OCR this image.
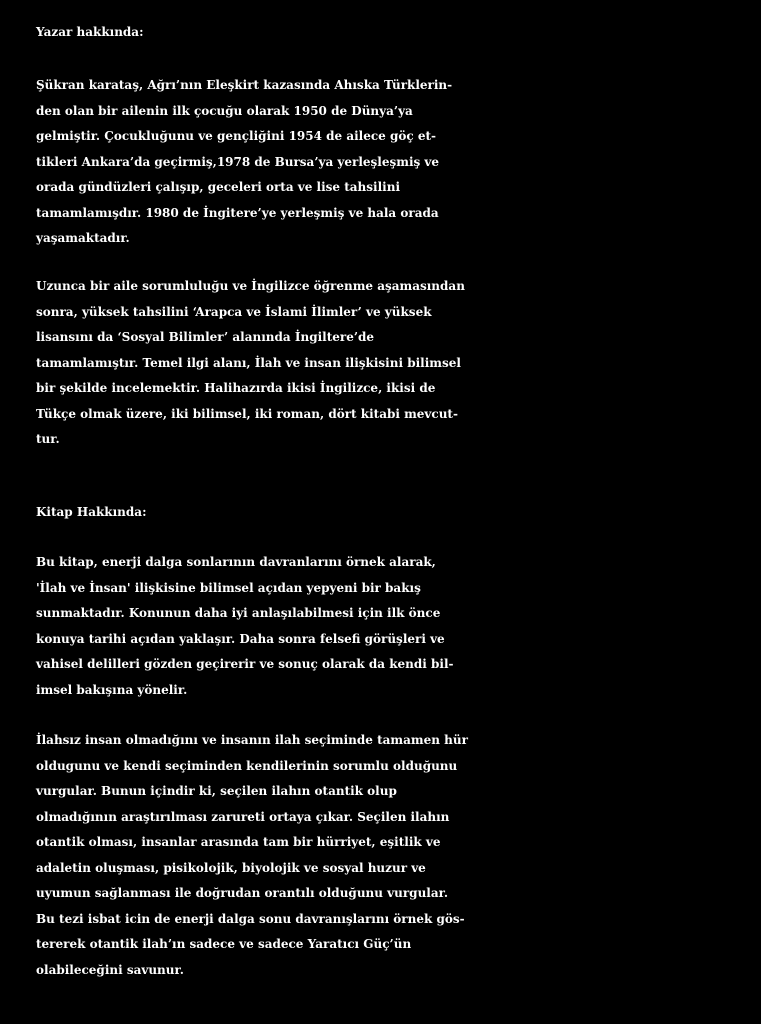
Yazar hakkında:
Şükran karataş, Ağrı’nın Eleşkirt kazasında Ahıska Türklerin-
den olan bir ailenin ilk çocuğu olarak 1950 de Dünya’ya
gelmiştir. Çocukluğunu ve gençliğini 1954 de ailece göç et-
tikleri Ankara’da geçirmiş,1978 de Bursa’ya yerleşleşmiş ve
orada gündüzleri çalışıp, geceleri orta ve lise tahsilini
tamamlamışdır. 1980 de İngitere’ye yerleşmiş ve hala orada
yaşamaktadır.
Uzunca bir aile sorumluluğu ve İngilizce öğrenme aşamasından
sonra, yüksek tahsilini ‘Arapca ve İslami İlimler’ ve yüksek
lisansını da ‘Sosyal Bilimler’ alanında İngiltere’de
tamamlamıştır. Temel ilgi alanı, İlah ve insan ilişkisini bilimsel
bir şekilde incelemektir. Halihazırda ikisi İngilizce, ikisi de
Tükçe olmak üzere, iki bilimsel, iki roman, dört kitabi mevcut-
tur.
Kitap Hakkında:
Bu kitap, enerji dalga sonlarının davranlarını örnek alarak,
'İlah ve İnsan' ilişkisine bilimsel açıdan yepyeni bir bakış
sunmaktadır. Konunun daha iyi anlaşılabilmesi için ilk önce
konuya tarihi açıdan yaklaşır. Daha sonra felsefi görüşleri ve
vahisel delilleri gözden geçirerir ve sonuç olarak da kendi bil-
imsel bakışına yönelir.
İlahsız insan olmadığını ve insanın ilah seçiminde tamamen hür
oldugunu ve kendi seçiminden kendilerinin sorumlu olduğunu
vurgular. Bunun içindir ki, seçilen ilahın otantik olup
olmadığının araştırılması zarureti ortaya çıkar. Seçilen ilahın
otantik olması, insanlar arasında tam bir hürriyet, eşitlik ve
adaletin oluşması, pisikolojik, biyolojik ve sosyal huzur ve
uyumun sağlanması ile doğrudan orantılı olduğunu vurgular.
Bu tezi isbat icin de enerji dalga sonu davranışlarını örnek gös-
tererek otantik ilah’ın sadece ve sadece Yaratıcı Güç’ün
olabileceğini savunur.
